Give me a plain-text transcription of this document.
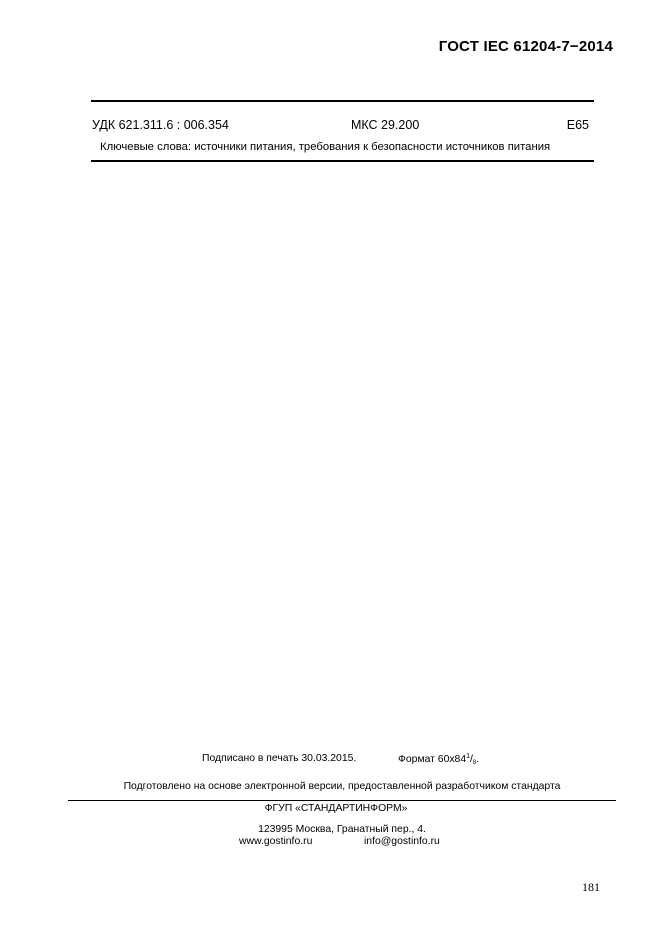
ГОСТ IEC 61204-7−2014
УДК 621.311.6 : 006.354	МКС 29.200	Е65
Ключевые слова: источники питания, требования к безопасности источников питания
Подписано в печать 30.03.2015.	Формат $60x84^1/_8$.
Подготовлено на основе электронной версии, предоставленной разработчиком стандарта
ФГУП «СТАНДАРТИНФОРМ»
123995 Москва, Гранатный пер., 4.
www.gostinfo.ru	info@gostinfo.ru
181
